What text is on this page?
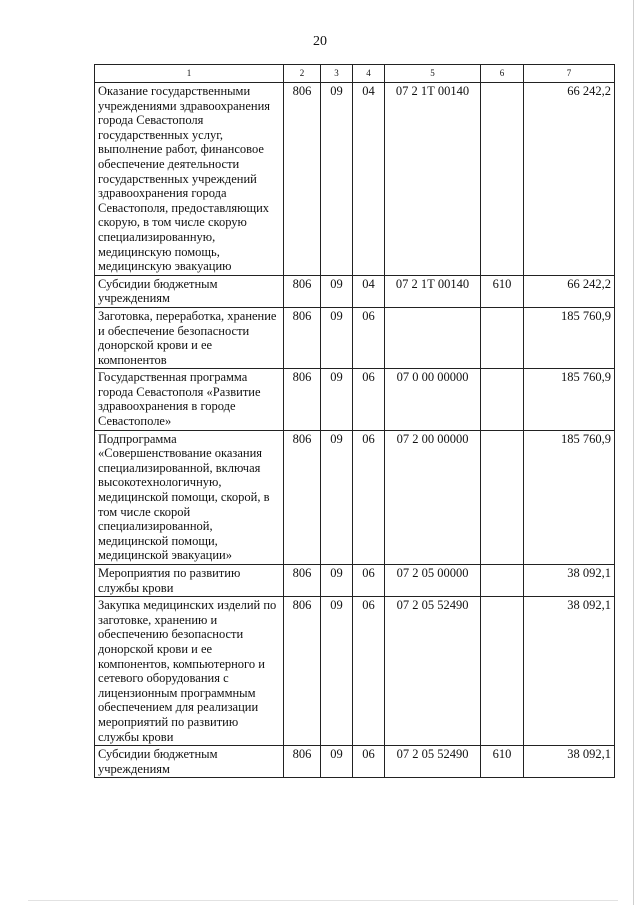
20
1	2	3	4	5	6	7
Оказание государственными учреждениями здравоохранения города Севастополя государственных услуг, выполнение работ, финансовое обеспечение деятельности государственных учреждений здравоохранения города Севастополя, предоставляющих скорую, в том числе скорую специализированную, медицинскую помощь, медицинскую эвакуацию	806	09	04	07 2 1Т 00140		66 242,2
Субсидии бюджетным учреждениям	806	09	04	07 2 1Т 00140	610	66 242,2
Заготовка, переработка, хранение и обеспечение безопасности донорской крови и ее компонентов	806	09	06			185 760,9
Государственная программа города Севастополя «Развитие здравоохранения в городе Севастополе»	806	09	06	07 0 00 00000		185 760,9
Подпрограмма «Совершенствование оказания специализированной, включая высокотехнологичную, медицинской помощи, скорой, в том числе скорой специализированной, медицинской помощи, медицинской эвакуации»	806	09	06	07 2 00 00000		185 760,9
Мероприятия по развитию службы крови	806	09	06	07 2 05 00000		38 092,1
Закупка медицинских изделий по заготовке, хранению и обеспечению безопасности донорской крови и ее компонентов, компьютерного и сетевого оборудования с лицензионным программным обеспечением для реализации мероприятий по развитию службы крови	806	09	06	07 2 05 52490		38 092,1
Субсидии бюджетным учреждениям	806	09	06	07 2 05 52490	610	38 092,1
